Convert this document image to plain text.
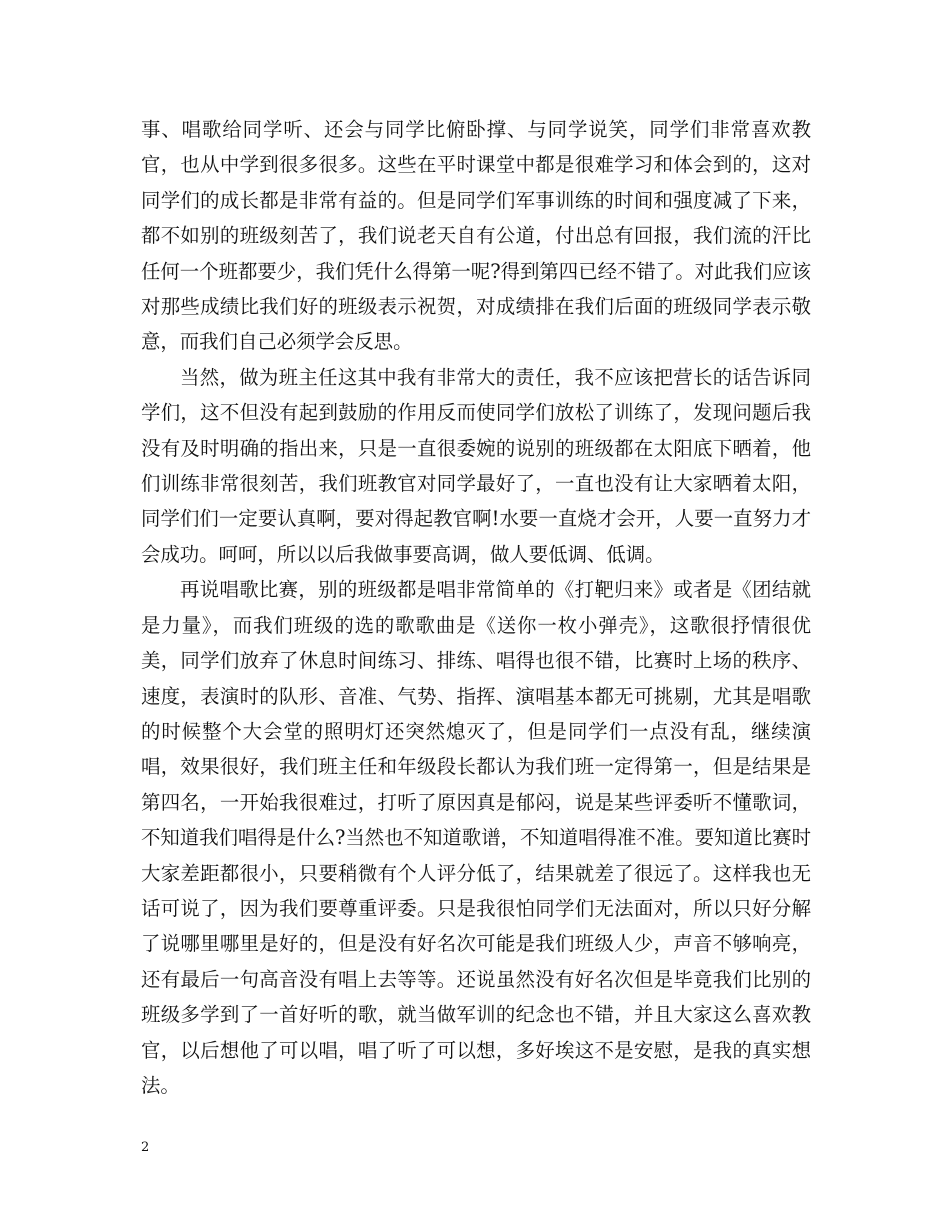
事、唱歌给同学听、还会与同学比俯卧撑、与同学说笑，同学们非常喜欢教官，也从中学到很多很多。这些在平时课堂中都是很难学习和体会到的，这对同学们的成长都是非常有益的。但是同学们军事训练的时间和强度减了下来，都不如别的班级刻苦了，我们说老天自有公道，付出总有回报，我们流的汗比任何一个班都要少，我们凭什么得第一呢?得到第四已经不错了。对此我们应该对那些成绩比我们好的班级表示祝贺，对成绩排在我们后面的班级同学表示敬意，而我们自己必须学会反思。

当然，做为班主任这其中我有非常大的责任，我不应该把营长的话告诉同学们，这不但没有起到鼓励的作用反而使同学们放松了训练了，发现问题后我没有及时明确的指出来，只是一直很委婉的说别的班级都在太阳底下晒着，他们训练非常很刻苦，我们班教官对同学最好了，一直也没有让大家晒着太阳，同学们们一定要认真啊，要对得起教官啊!水要一直烧才会开，人要一直努力才会成功。呵呵，所以以后我做事要高调，做人要低调、低调。

再说唱歌比赛，别的班级都是唱非常简单的《打靶归来》或者是《团结就是力量》，而我们班级的选的歌歌曲是《送你一枚小弹壳》，这歌很抒情很优美，同学们放弃了休息时间练习、排练、唱得也很不错，比赛时上场的秩序、速度，表演时的队形、音准、气势、指挥、演唱基本都无可挑剔，尤其是唱歌的时候整个大会堂的照明灯还突然熄灭了，但是同学们一点没有乱，继续演唱，效果很好，我们班主任和年级段长都认为我们班一定得第一，但是结果是第四名，一开始我很难过，打听了原因真是郁闷，说是某些评委听不懂歌词，不知道我们唱得是什么?当然也不知道歌谱，不知道唱得准不准。要知道比赛时大家差距都很小，只要稍微有个人评分低了，结果就差了很远了。这样我也无话可说了，因为我们要尊重评委。只是我很怕同学们无法面对，所以只好分解了说哪里哪里是好的，但是没有好名次可能是我们班级人少，声音不够响亮，还有最后一句高音没有唱上去等等。还说虽然没有好名次但是毕竟我们比别的班级多学到了一首好听的歌，就当做军训的纪念也不错，并且大家这么喜欢教官，以后想他了可以唱，唱了听了可以想，多好埃这不是安慰，是我的真实想法。

2
